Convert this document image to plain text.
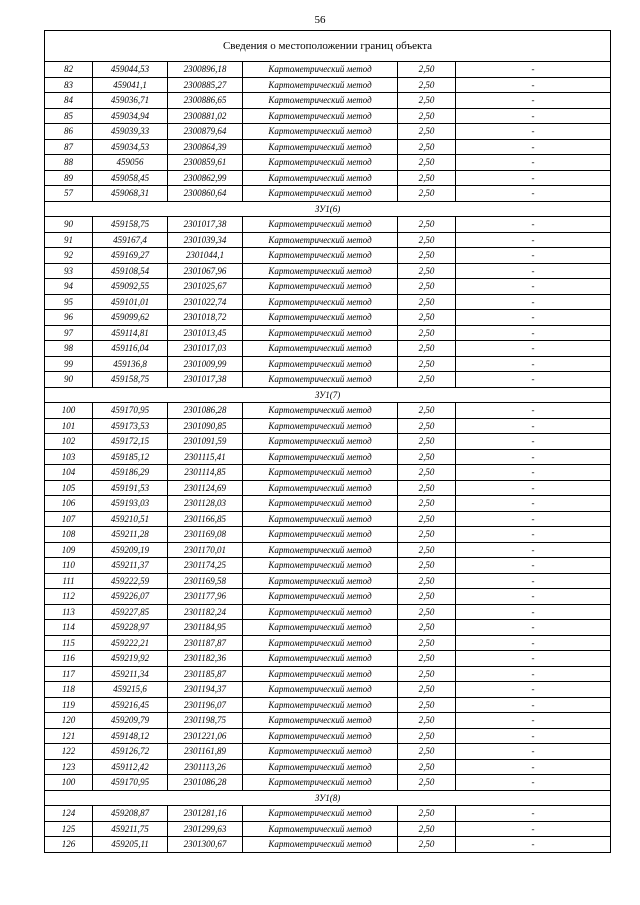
56
Сведения о местоположении границ объекта					
82	459044,53	2300896,18	Картометрический метод	2,50	-
83	459041,1	2300885,27	Картометрический метод	2,50	-
84	459036,71	2300886,65	Картометрический метод	2,50	-
85	459034,94	2300881,02	Картометрический метод	2,50	-
86	459039,33	2300879,64	Картометрический метод	2,50	-
87	459034,53	2300864,39	Картометрический метод	2,50	-
88	459056	2300859,61	Картометрический метод	2,50	-
89	459058,45	2300862,99	Картометрический метод	2,50	-
57	459068,31	2300860,64	Картометрический метод	2,50	-
ЗУ1(6)					
90	459158,75	2301017,38	Картометрический метод	2,50	-
91	459167,4	2301039,34	Картометрический метод	2,50	-
92	459169,27	2301044,1	Картометрический метод	2,50	-
93	459108,54	2301067,96	Картометрический метод	2,50	-
94	459092,55	2301025,67	Картометрический метод	2,50	-
95	459101,01	2301022,74	Картометрический метод	2,50	-
96	459099,62	2301018,72	Картометрический метод	2,50	-
97	459114,81	2301013,45	Картометрический метод	2,50	-
98	459116,04	2301017,03	Картометрический метод	2,50	-
99	459136,8	2301009,99	Картометрический метод	2,50	-
90	459158,75	2301017,38	Картометрический метод	2,50	-
ЗУ1(7)					
100	459170,95	2301086,28	Картометрический метод	2,50	-
101	459173,53	2301090,85	Картометрический метод	2,50	-
102	459172,15	2301091,59	Картометрический метод	2,50	-
103	459185,12	2301115,41	Картометрический метод	2,50	-
104	459186,29	2301114,85	Картометрический метод	2,50	-
105	459191,53	2301124,69	Картометрический метод	2,50	-
106	459193,03	2301128,03	Картометрический метод	2,50	-
107	459210,51	2301166,85	Картометрический метод	2,50	-
108	459211,28	2301169,08	Картометрический метод	2,50	-
109	459209,19	2301170,01	Картометрический метод	2,50	-
110	459211,37	2301174,25	Картометрический метод	2,50	-
111	459222,59	2301169,58	Картометрический метод	2,50	-
112	459226,07	2301177,96	Картометрический метод	2,50	-
113	459227,85	2301182,24	Картометрический метод	2,50	-
114	459228,97	2301184,95	Картометрический метод	2,50	-
115	459222,21	2301187,87	Картометрический метод	2,50	-
116	459219,92	2301182,36	Картометрический метод	2,50	-
117	459211,34	2301185,87	Картометрический метод	2,50	-
118	459215,6	2301194,37	Картометрический метод	2,50	-
119	459216,45	2301196,07	Картометрический метод	2,50	-
120	459209,79	2301198,75	Картометрический метод	2,50	-
121	459148,12	2301221,06	Картометрический метод	2,50	-
122	459126,72	2301161,89	Картометрический метод	2,50	-
123	459112,42	2301113,26	Картометрический метод	2,50	-
100	459170,95	2301086,28	Картометрический метод	2,50	-
ЗУ1(8)					
124	459208,87	2301281,16	Картометрический метод	2,50	-
125	459211,75	2301299,63	Картометрический метод	2,50	-
126	459205,11	2301300,67	Картометрический метод	2,50	-
